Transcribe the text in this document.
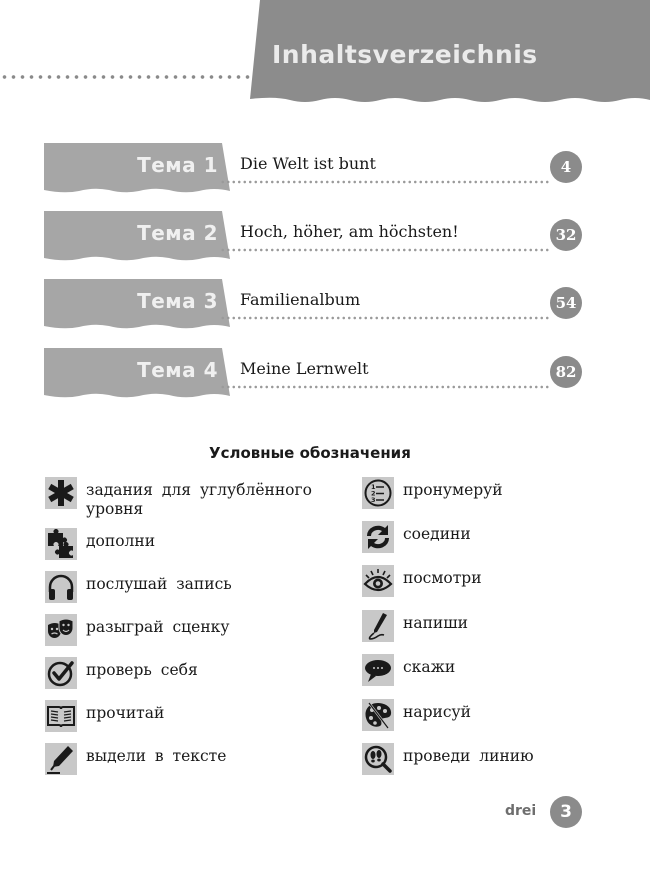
Inhaltsverzeichnis
Тема 1 Die Welt ist bunt	4
Тема 2 Hoch, höher, am höchsten!	32
Тема 3 Familienalbum	54
Тема 4 Meine Lernwelt	82
Условные обозначения
задания для углублённого уровня
дополни
послушай запись
разыграй сценку
проверь себя
прочитай
выдели в тексте
1
2
3
пронумеруй
соедини
посмотри
напиши
скажи
нарисуй
проведи линию
drei	3
